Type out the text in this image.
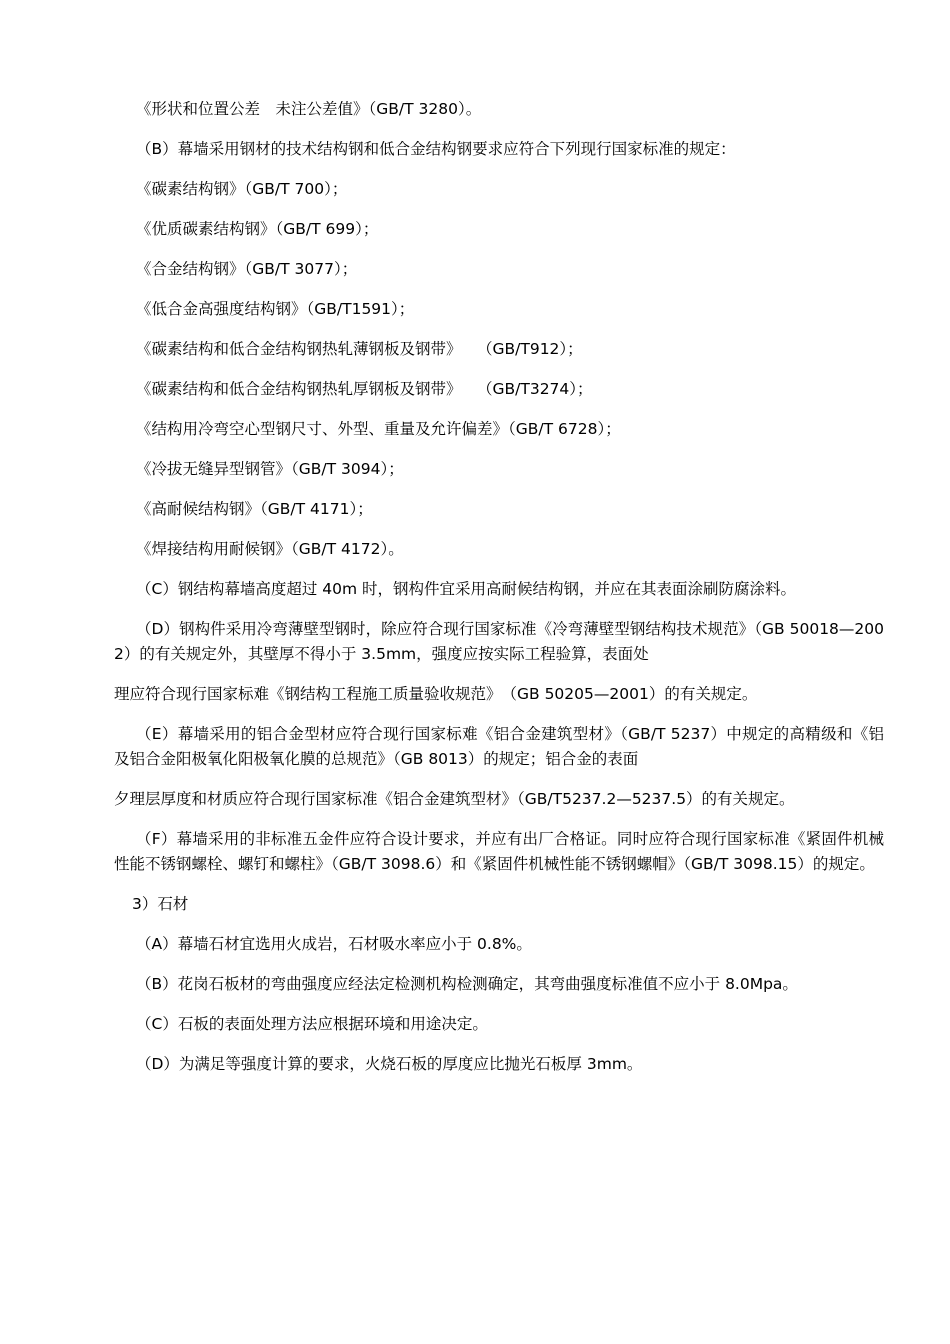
《形状和位置公差　未注公差值》（GB/T 3280）。
（B）幕墙采用钢材的技术结构钢和低合金结构钢要求应符合下列现行国家标准的规定：
《碳素结构钢》（GB/T 700）；
《优质碳素结构钢》（GB/T 699）；
《合金结构钢》（GB/T 3077）；
《低合金高强度结构钢》（GB/T1591）；
《碳素结构和低合金结构钢热轧薄钢板及钢带》　　（GB/T912）；
《碳素结构和低合金结构钢热轧厚钢板及钢带》　　（GB/T3274）；
《结构用冷弯空心型钢尺寸、外型、重量及允许偏差》（GB/T 6728）；
《冷拔无缝异型钢管》（GB/T 3094）；
《高耐候结构钢》（GB/T 4171）；
《焊接结构用耐候钢》（GB/T 4172）。
（C）钢结构幕墙高度超过 40m 时，钢构件宜采用高耐候结构钢，并应在其表面涂刷防腐涂料。
（D）钢构件采用冷弯薄壁型钢时，除应符合现行国家标准《冷弯薄壁型钢结构技术规范》（GB 50018—2002）的有关规定外，其壁厚不得小于 3.5mm，强度应按实际工程验算，表面处
理应符合现行国家标难《钢结构工程施工质量验收规范》　（GB 50205—2001）的有关规定。
（E）幕墙采用的铝合金型材应符合现行国家标难《铝合金建筑型材》（GB/T 5237）中规定的高精级和《铝及铝合金阳极氧化阳极氧化膜的总规范》（GB 8013）的规定；铝合金的表面
夕理层厚度和材质应符合现行国家标准《铝合金建筑型材》（GB/T5237.2—5237.5）的有关规定。
（F）幕墙采用的非标准五金件应符合设计要求，并应有出厂合格证。同时应符合现行国家标准《紧固件机械性能不锈钢螺栓、螺钉和螺柱》（GB/T 3098.6）和《紧固件机械性能不锈钢螺帽》（GB/T 3098.15）的规定。
3）石材
（A）幕墙石材宜选用火成岩，石材吸水率应小于 0.8%。
（B）花岗石板材的弯曲强度应经法定检测机构检测确定，其弯曲强度标准值不应小于 8.0Mpa。
（C）石板的表面处理方法应根据环境和用途决定。
（D）为满足等强度计算的要求，火烧石板的厚度应比抛光石板厚 3mm。
